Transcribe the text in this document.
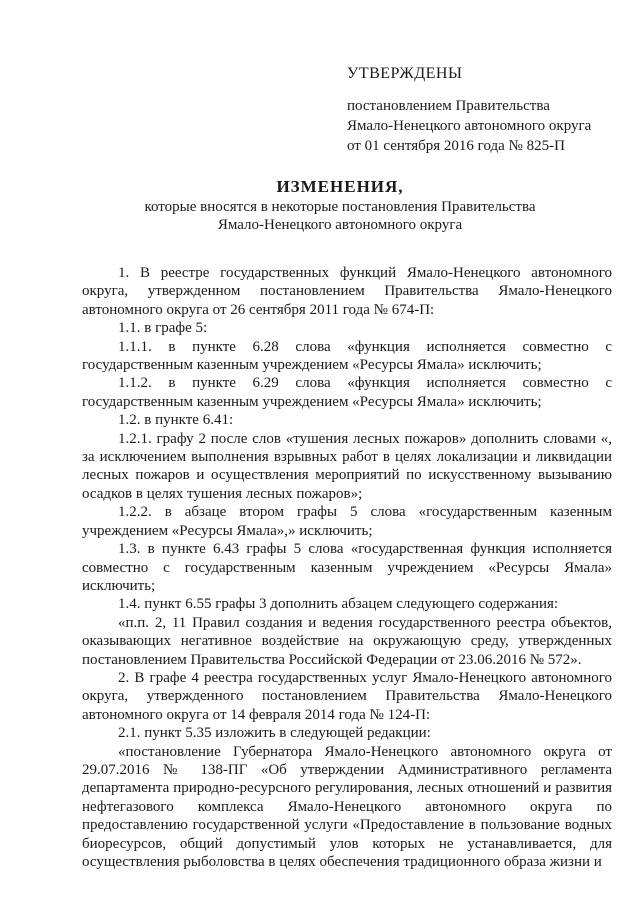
УТВЕРЖДЕНЫ
постановлением Правительства
Ямало-Ненецкого автономного округа
от 01 сентября 2016 года № 825-П
ИЗМЕНЕНИЯ,
которые вносятся в некоторые постановления Правительства Ямало-Ненецкого автономного округа

1. В реестре государственных функций Ямало-Ненецкого автономного округа, утвержденном постановлением Правительства Ямало-Ненецкого автономного округа от 26 сентября 2011 года № 674-П:

1.1. в графе 5:

1.1.1. в пункте 6.28 слова «функция исполняется совместно с государственным казенным учреждением «Ресурсы Ямала» исключить;

1.1.2. в пункте 6.29 слова «функция исполняется совместно с государственным казенным учреждением «Ресурсы Ямала» исключить;

1.2. в пункте 6.41:

1.2.1. графу 2 после слов «тушения лесных пожаров» дополнить словами «, за исключением выполнения взрывных работ в целях локализации и ликвидации лесных пожаров и осуществления мероприятий по искусственному вызыванию осадков в целях тушения лесных пожаров»;

1.2.2. в абзаце втором графы 5 слова «государственным казенным учреждением «Ресурсы Ямала»,» исключить;

1.3. в пункте 6.43 графы 5 слова «государственная функция исполняется совместно с государственным казенным учреждением «Ресурсы Ямала» исключить;

1.4. пункт 6.55 графы 3 дополнить абзацем следующего содержания:

«п.п. 2, 11 Правил создания и ведения государственного реестра объектов, оказывающих негативное воздействие на окружающую среду, утвержденных постановлением Правительства Российской Федерации от 23.06.2016 № 572».

2. В графе 4 реестра государственных услуг Ямало-Ненецкого автономного округа, утвержденного постановлением Правительства Ямало-Ненецкого автономного округа от 14 февраля 2014 года № 124-П:

2.1. пункт 5.35 изложить в следующей редакции:

«постановление Губернатора Ямало-Ненецкого автономного округа от 29.07.2016 № 138-ПГ «Об утверждении Административного регламента департамента природно-ресурсного регулирования, лесных отношений и развития нефтегазового комплекса Ямало-Ненецкого автономного округа по предоставлению государственной услуги «Предоставление в пользование водных биоресурсов, общий допустимый улов которых не устанавливается, для осуществления рыболовства в целях обеспечения традиционного образа жизни и
